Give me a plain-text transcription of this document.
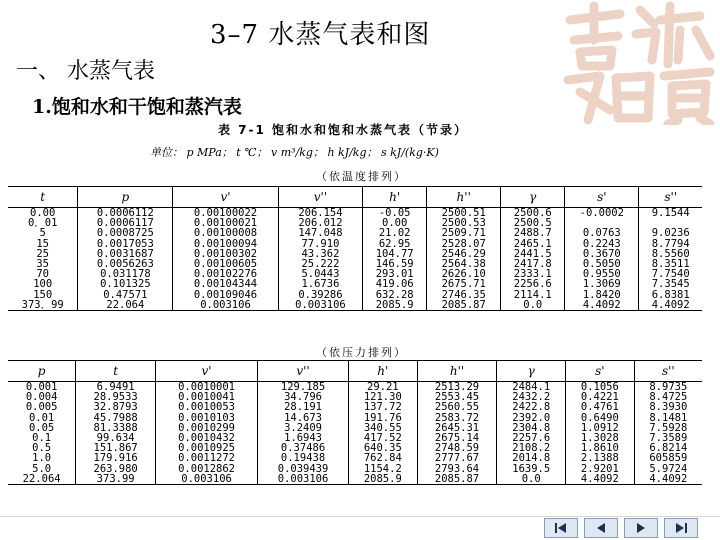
3–7 水蒸气表和图
一、 水蒸气表
1.饱和水和干饱和蒸汽表
表 7-1 饱和水和饱和水蒸气表（节录）
单位： p MPa； t ℃； v m³/kg； h kJ/kg； s kJ/(kg·K)
（依温度排列）
t	p	v'	v''	h'	h''	γ	s'	s''
0.00	0.0006112	0.00100022	206.154	-0.05	2500.51	2500.6	-0.0002	9.1544
0．01	0.0006117	0.00100021	206.012	0.00	2500.53	2500.5		
5	0.0008725	0.00100008	147.048	21.02	2509.71	2488.7	0.0763	9.0236
15	0.0017053	0.00100094	77.910	62.95	2528.07	2465.1	0.2243	8.7794
25	0.0031687	0.00100302	43.362	104.77	2546.29	2441.5	0.3670	8.5560
35	0.0056263	0.00100605	25.222	146.59	2564.38	2417.8	0.5050	8.3511
70	0.031178	0.00102276	5.0443	293.01	2626.10	2333.1	0.9550	7.7540
100	0.101325	0.00104344	1.6736	419.06	2675.71	2256.6	1.3069	7.3545
150	0.47571	0.00109046	0.39286	632.28	2746.35	2114.1	1.8420	6.8381
373．99	22.064	0.003106	0.003106	2085.9	2085.87	0.0	4.4092	4.4092
（依压力排列）
p	t	v'	v''	h'	h''	γ	s'	s''
0.001	6.9491	0.0010001	129.185	29.21	2513.29	2484.1	0.1056	8.9735
0.004	28.9533	0.0010041	34.796	121.30	2553.45	2432.2	0.4221	8.4725
0.005	32.8793	0.0010053	28.191	137.72	2560.55	2422.8	0.4761	8.3930
0.01	45.7988	0.0010103	14.673	191.76	2583.72	2392.0	0.6490	8.1481
0.05	81.3388	0.0010299	3.2409	340.55	2645.31	2304.8	1.0912	7.5928
0.1	99.634	0.0010432	1.6943	417.52	2675.14	2257.6	1.3028	7.3589
0.5	151.867	0.0010925	0.37486	640.35	2748.59	2108.2	1.8610	6.8214
1.0	179.916	0.0011272	0.19438	762.84	2777.67	2014.8	2.1388	605859
5.0	263.980	0.0012862	0.039439	1154.2	2793.64	1639.5	2.9201	5.9724
22.064	373.99	0.003106	0.003106	2085.9	2085.87	0.0	4.4092	4.4092
